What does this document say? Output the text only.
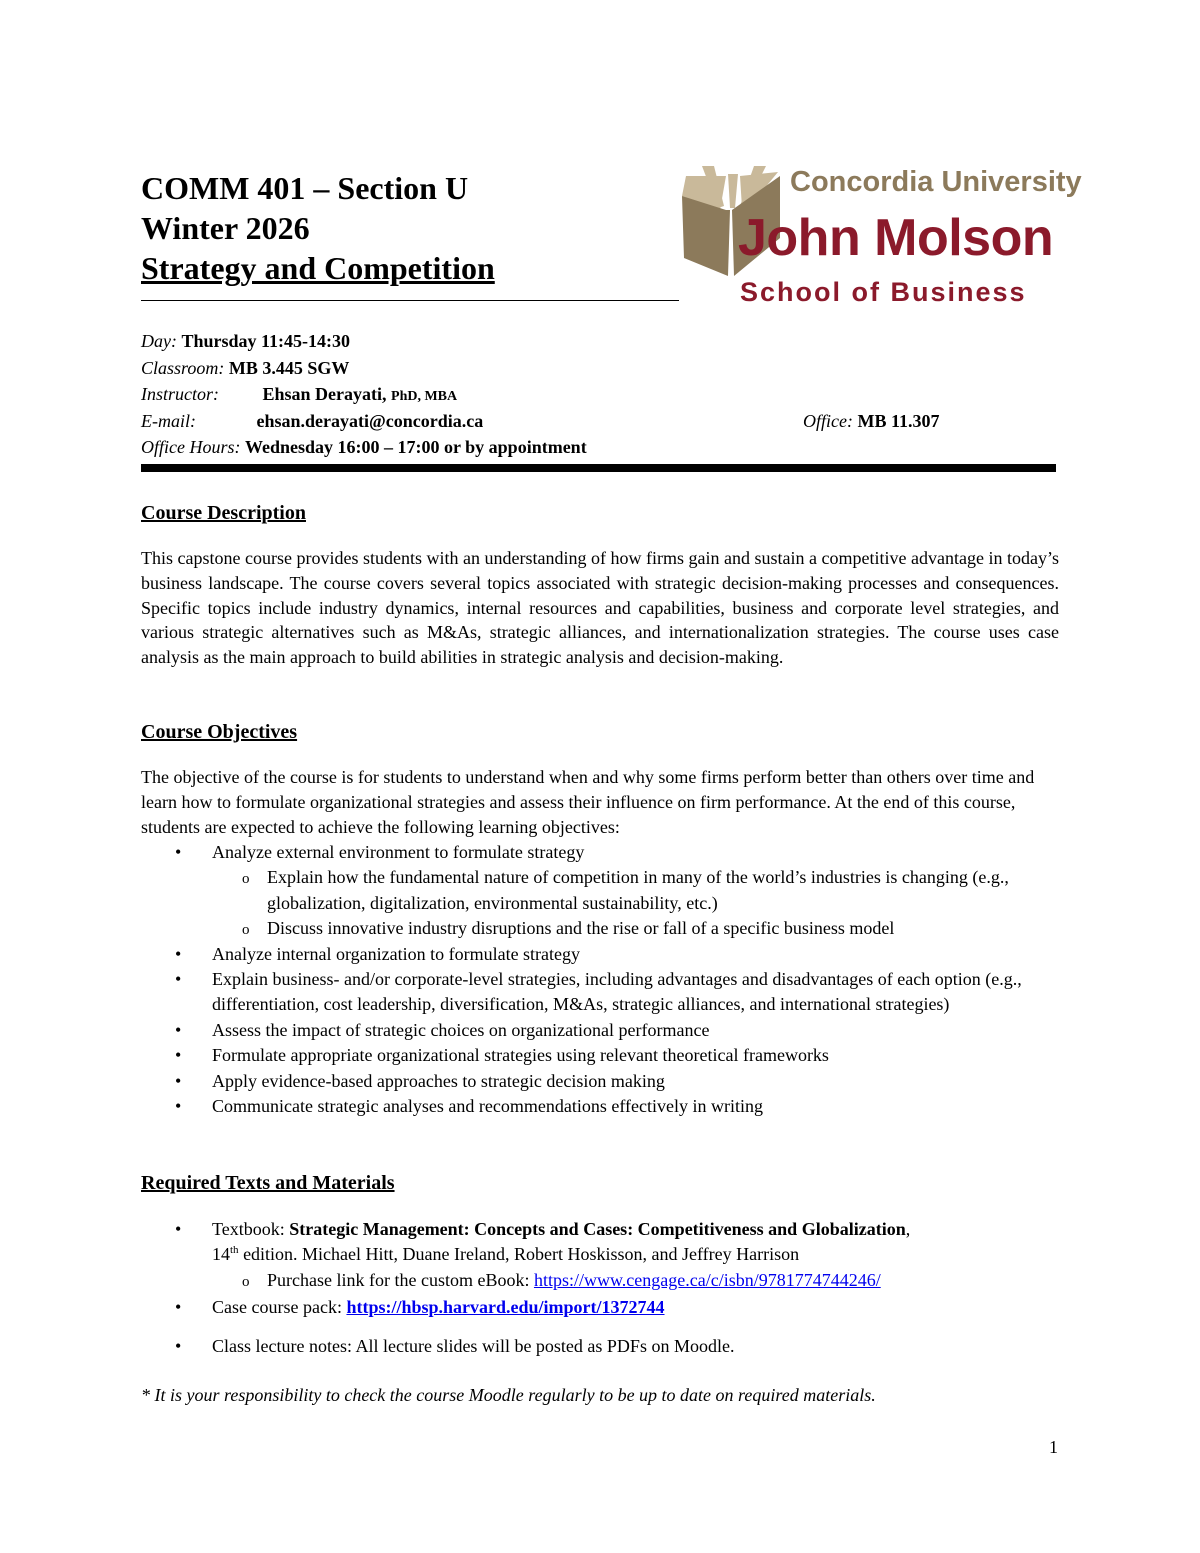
COMM 401 – Section U
Winter 2026
Strategy and Competition
Concordia University
John Molson
School of Business
Day: Thursday 11:45-14:30
Classroom: MB 3.445 SGW
Instructor: Ehsan Derayati, PhD, MBA
E-mail:	ehsan.derayati@concordia.ca	Office: MB 11.307
Office Hours: Wednesday 16:00 – 17:00 or by appointment
Course Description

This capstone course provides students with an understanding of how firms gain and sustain a competitive advantage in today’s business landscape. The course covers several topics associated with strategic decision-making processes and consequences. Specific topics include industry dynamics, internal resources and capabilities, business and corporate level strategies, and various strategic alternatives such as M&As, strategic alliances, and internationalization strategies. The course uses case analysis as the main approach to build abilities in strategic analysis and decision-making.

Course Objectives

The objective of the course is for students to understand when and why some firms perform better than others over time and learn how to formulate organizational strategies and assess their influence on firm performance. At the end of this course, students are expected to achieve the following learning objectives:

• Analyze external environment to formulate strategy
o Explain how the fundamental nature of competition in many of the world’s industries is changing (e.g., globalization, digitalization, environmental sustainability, etc.)
o Discuss innovative industry disruptions and the rise or fall of a specific business model
• Analyze internal organization to formulate strategy
• Explain business- and/or corporate-level strategies, including advantages and disadvantages of each option (e.g., differentiation, cost leadership, diversification, M&As, strategic alliances, and international strategies)
• Assess the impact of strategic choices on organizational performance
• Formulate appropriate organizational strategies using relevant theoretical frameworks
• Apply evidence-based approaches to strategic decision making
• Communicate strategic analyses and recommendations effectively in writing
Required Texts and Materials
• Textbook: Strategic Management: Concepts and Cases: Competitiveness and Globalization,
14th edition. Michael Hitt, Duane Ireland, Robert Hoskisson, and Jeffrey Harrison
o Purchase link for the custom eBook: https://www.cengage.ca/c/isbn/9781774744246/
• Case course pack: https://hbsp.harvard.edu/import/1372744
• Class lecture notes: All lecture slides will be posted as PDFs on Moodle.
* It is your responsibility to check the course Moodle regularly to be up to date on required materials.
1
